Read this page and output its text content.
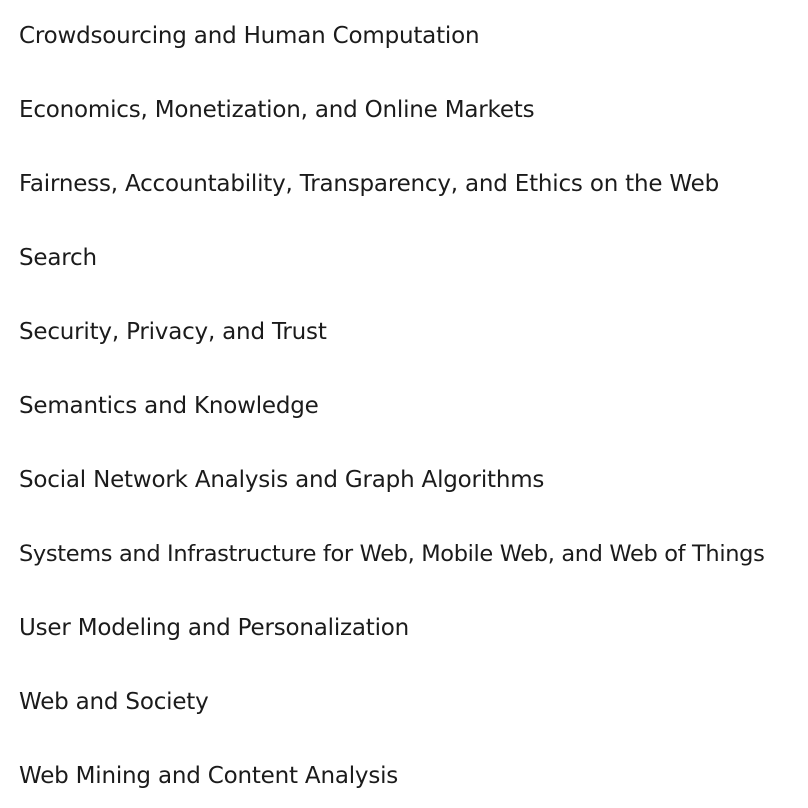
Crowdsourcing and Human Computation
Economics, Monetization, and Online Markets
Fairness, Accountability, Transparency, and Ethics on the Web
Search
Security, Privacy, and Trust
Semantics and Knowledge
Social Network Analysis and Graph Algorithms
Systems and Infrastructure for Web, Mobile Web, and Web of Things
User Modeling and Personalization
Web and Society
Web Mining and Content Analysis
